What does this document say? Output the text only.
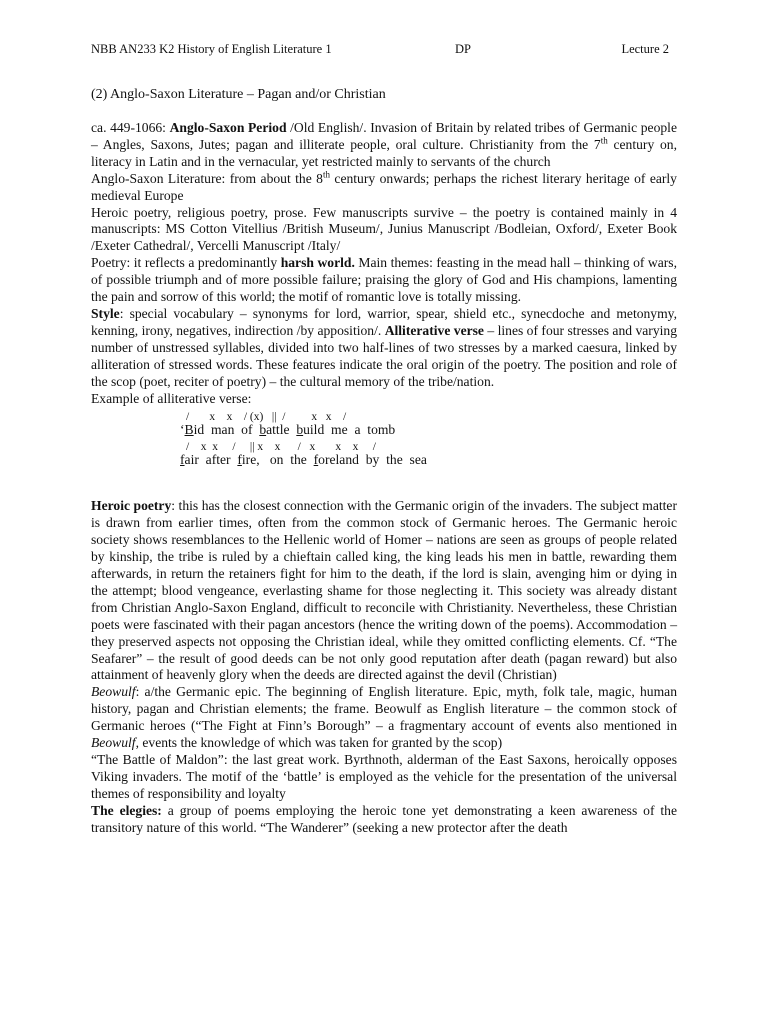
NBB AN233 K2 History of English Literature 1	DP	Lecture 2
(2) Anglo-Saxon Literature – Pagan and/or Christian

ca. 449-1066: Anglo-Saxon Period /Old English/. Invasion of Britain by related tribes of Germanic people – Angles, Saxons, Jutes; pagan and illiterate people, oral culture. Christianity from the 7th century on, literacy in Latin and in the vernacular, yet restricted mainly to servants of the church

Anglo-Saxon Literature: from about the 8th century onwards; perhaps the richest literary heritage of early medieval Europe

Heroic poetry, religious poetry, prose. Few manuscripts survive – the poetry is contained mainly in 4 manuscripts: MS Cotton Vitellius /British Museum/, Junius Manuscript /Bodleian, Oxford/, Exeter Book /Exeter Cathedral/, Vercelli Manuscript /Italy/

Poetry: it reflects a predominantly harsh world. Main themes: feasting in the mead hall – thinking of wars, of possible triumph and of more possible failure; praising the glory of God and His champions, lamenting the pain and sorrow of this world; the motif of romantic love is totally missing.

Style: special vocabulary – synonyms for lord, warrior, spear, shield etc., synecdoche and metonymy, kenning, irony, negatives, indirection /by apposition/. Alliterative verse – lines of four stresses and varying number of unstressed syllables, divided into two half-lines of two stresses by a marked caesura, linked by alliteration of stressed words. These features indicate the oral origin of the poetry. The position and role of the scop (poet, reciter of poetry) – the cultural memory of the tribe/nation.

Example of alliterative verse:

/       x    x    / (x)   ||  /         x   x    /
‘Bid  man  of  battle  build  me  a  tomb
/    x  x     /     || x    x      /   x       x    x     /
fair  after  fire,   on  the  foreland  by  the  sea

Heroic poetry: this has the closest connection with the Germanic origin of the invaders. The subject matter is drawn from earlier times, often from the common stock of Germanic heroes. The Germanic heroic society shows resemblances to the Hellenic world of Homer – nations are seen as groups of people related by kinship, the tribe is ruled by a chieftain called king, the king leads his men in battle, rewarding them afterwards, in return the retainers fight for him to the death, if the lord is slain, avenging him or dying in the attempt; blood vengeance, everlasting shame for those neglecting it. This society was already distant from Christian Anglo-Saxon England, difficult to reconcile with Christianity. Nevertheless, these Christian poets were fascinated with their pagan ancestors (hence the writing down of the poems). Accommodation – they preserved aspects not opposing the Christian ideal, while they omitted conflicting elements. Cf. “The Seafarer” – the result of good deeds can be not only good reputation after death (pagan reward) but also attainment of heavenly glory when the deeds are directed against the devil (Christian)

Beowulf: a/the Germanic epic. The beginning of English literature. Epic, myth, folk tale, magic, human history, pagan and Christian elements; the frame. Beowulf as English literature – the common stock of Germanic heroes (“The Fight at Finn’s Borough” – a fragmentary account of events also mentioned in Beowulf, events the knowledge of which was taken for granted by the scop)

“The Battle of Maldon”: the last great work. Byrthnoth, alderman of the East Saxons, heroically opposes Viking invaders. The motif of the ‘battle’ is employed as the vehicle for the presentation of the universal themes of responsibility and loyalty

The elegies: a group of poems employing the heroic tone yet demonstrating a keen awareness of the transitory nature of this world. “The Wanderer” (seeking a new protector after the death
